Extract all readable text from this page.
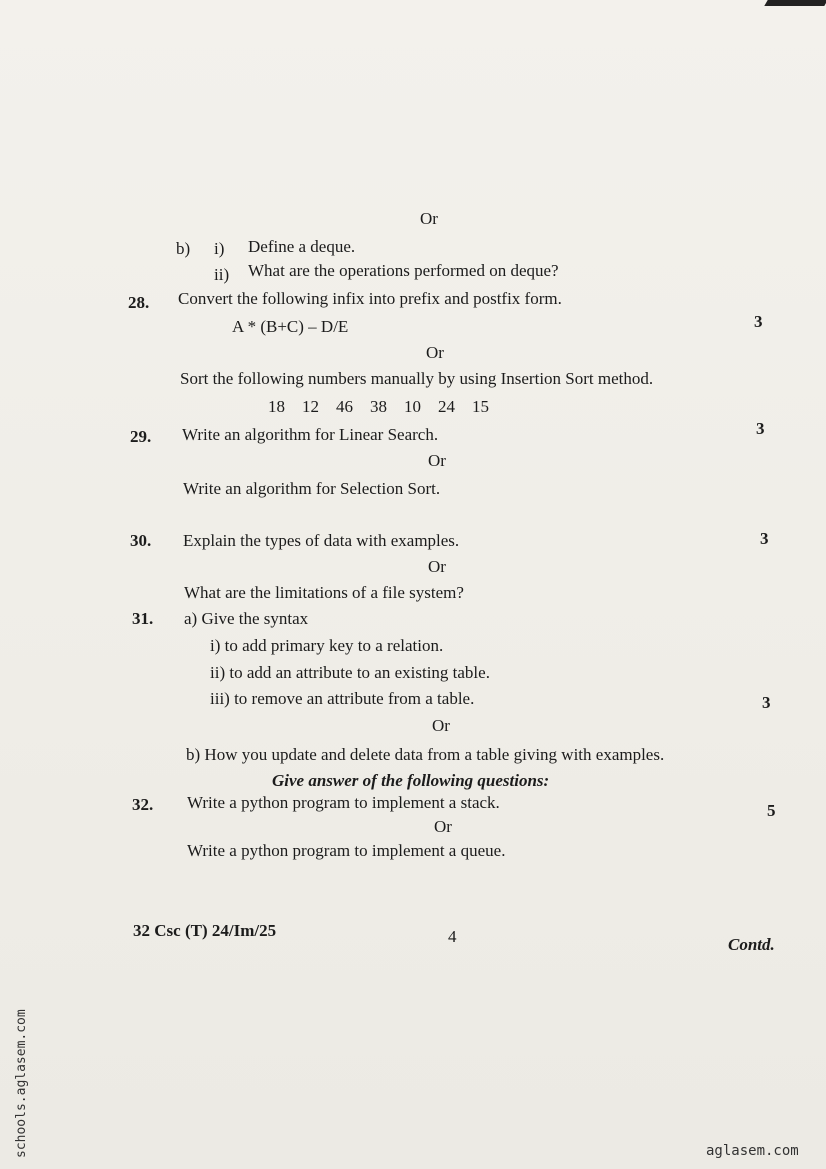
Or
b) i) Define a deque.
ii) What are the operations performed on deque?
28. Convert the following infix into prefix and postfix form.
A * (B+C) – D/E	3
Or
Sort the following numbers manually by using Insertion Sort method.
18 12 46 38 10 24 15
29. Write an algorithm for Linear Search.	3
Or
Write an algorithm for Selection Sort.
30. Explain the types of data with examples.	3
Or
What are the limitations of a file system?
31. a) Give the syntax
i) to add primary key to a relation.
ii) to add an attribute to an existing table.
iii) to remove an attribute from a table.	3
Or
b) How you update and delete data from a table giving with examples.
Give answer of the following questions:
32. Write a python program to implement a stack.	5
Or
Write a python program to implement a queue.
32 Csc (T) 24/Im/25	4	Contd.
schools.aglasem.com	aglasem.com
